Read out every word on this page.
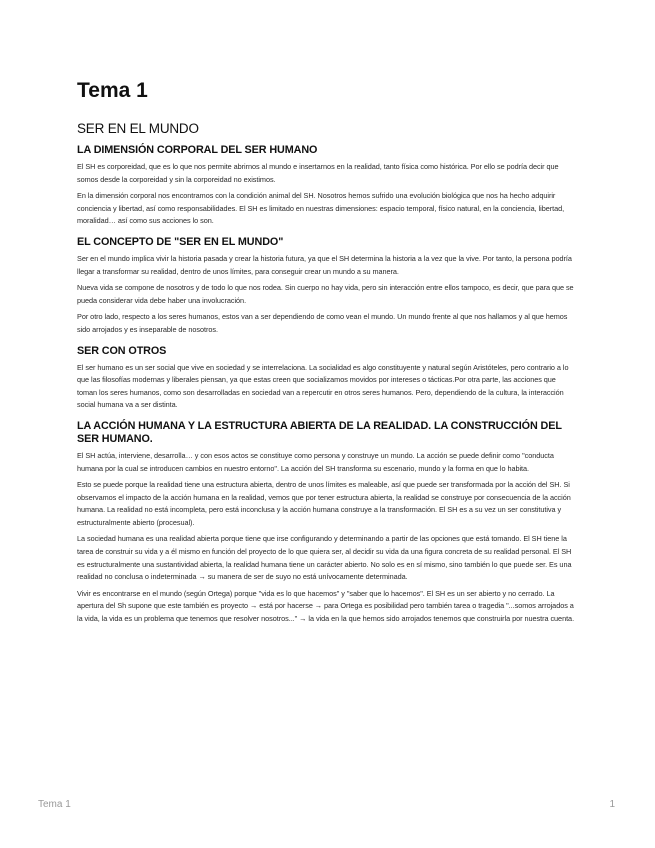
Tema 1
SER EN EL MUNDO
LA DIMENSIÓN CORPORAL DEL SER HUMANO

El SH es corporeidad, que es lo que nos permite abrirnos al mundo e insertarnos en la realidad, tanto física como histórica. Por ello se podría decir que somos desde la corporeidad y sin la corporeidad no existimos.

En la dimensión corporal nos encontramos con la condición animal del SH. Nosotros hemos sufrido una evolución biológica que nos ha hecho adquirir conciencia y libertad, así como responsabilidades. El SH es limitado en nuestras dimensiones: espacio temporal, físico natural, en la conciencia, libertad, moralidad… así como sus acciones lo son.

EL CONCEPTO DE "SER EN EL MUNDO"

Ser en el mundo implica vivir la historia pasada y crear la historia futura, ya que el SH determina la historia a la vez que la vive. Por tanto, la persona podría llegar a transformar su realidad, dentro de unos límites, para conseguir crear un mundo a su manera.

Nueva vida se compone de nosotros y de todo lo que nos rodea. Sin cuerpo no hay vida, pero sin interacción entre ellos tampoco, es decir, que para que se pueda considerar vida debe haber una involucración.

Por otro lado, respecto a los seres humanos, estos van a ser dependiendo de como vean el mundo. Un mundo frente al que nos hallamos y al que hemos sido arrojados y es inseparable de nosotros.

SER CON OTROS

El ser humano es un ser social que vive en sociedad y se interrelaciona. La socialidad es algo constituyente y natural según Aristóteles, pero contrario a lo que las filosofías modernas y liberales piensan, ya que estas creen que socializamos movidos por intereses o tácticas.Por otra parte, las acciones que toman los seres humanos, como son desarrolladas en sociedad van a repercutir en otros seres humanos. Pero, dependiendo de la cultura, la interacción social humana va a ser distinta.

LA ACCIÓN HUMANA Y LA ESTRUCTURA ABIERTA DE LA REALIDAD. LA CONSTRUCCIÓN DEL SER HUMANO.

El SH actúa, interviene, desarrolla… y con esos actos se constituye como persona y construye un mundo. La acción se puede definir como "conducta humana por la cual se introducen cambios en nuestro entorno". La acción del SH transforma su escenario, mundo y la forma en que lo habita.

Esto se puede porque la realidad tiene una estructura abierta, dentro de unos límites es maleable, así que puede ser transformada por la acción del SH. Si observamos el impacto de la acción humana en la realidad, vemos que por tener estructura abierta, la realidad se construye por consecuencia de la acción humana. La realidad no está incompleta, pero está inconclusa y la acción humana construye a la transformación. El SH es a su vez un ser constitutiva y estructuralmente abierto (procesual).

La sociedad humana es una realidad abierta porque tiene que irse configurando y determinando a partir de las opciones que está tomando. El SH tiene la tarea de construir su vida y a él mismo en función del proyecto de lo que quiera ser, al decidir su vida da una figura concreta de su realidad personal. El SH es estructuralmente una sustantividad abierta, la realidad humana tiene un carácter abierto. No solo es en sí mismo, sino también lo que puede ser. Es una realidad no conclusa o indeterminada → su manera de ser de suyo no está unívocamente determinada.

Vivir es encontrarse en el mundo (según Ortega) porque "vida es lo que hacemos" y "saber que lo hacemos". El SH es un ser abierto y no cerrado. La apertura del Sh supone que este también es proyecto → está por hacerse → para Ortega es posibilidad pero también tarea o tragedia "...somos arrojados a la vida, la vida es un problema que tenemos que resolver nosotros..." → la vida en la que hemos sido arrojados tenemos que construirla por nuestra cuenta.

Tema 1	1
